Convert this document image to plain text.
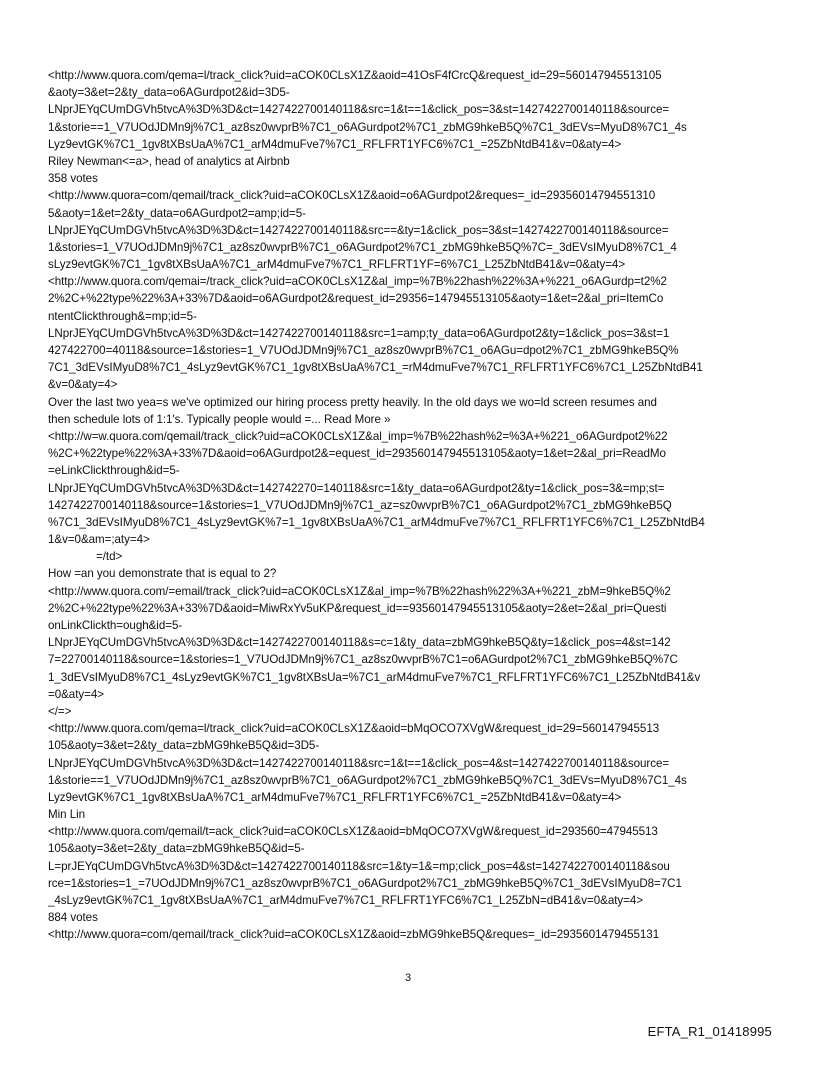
<http://www.quora.com/qema=l/track_click?uid=aCOK0CLsX1Z&aoid=41OsF4fCrcQ&request_id=29=560147945513105
&aoty=3&et=2&ty_data=o6AGurdpot2&id=3D5-
LNprJEYqCUmDGVh5tvcA%3D%3D&ct=1427422700140118&src=1&t==1&click_pos=3&st=1427422700140118&source=
1&storie==1_V7UOdJDMn9j%7C1_az8sz0wvprB%7C1_o6AGurdpot2%7C1_zbMG9hkeB5Q%7C1_3dEVs=MyuD8%7C1_4s
Lyz9evtGK%7C1_1gv8tXBsUaA%7C1_arM4dmuFve7%7C1_RFLFRT1YFC6%7C1_=25ZbNtdB41&v=0&aty=4>
Riley Newman<=a>, head of analytics at Airbnb
358 votes
<http://www.quora=com/qemail/track_click?uid=aCOK0CLsX1Z&aoid=o6AGurdpot2&reques=_id=29356014794551310
5&aoty=1&et=2&ty_data=o6AGurdpot2=amp;id=5-
LNprJEYqCUmDGVh5tvcA%3D%3D&ct=1427422700140118&src==&ty=1&click_pos=3&st=1427422700140118&source=
1&stories=1_V7UOdJDMn9j%7C1_az8sz0wvprB%7C1_o6AGurdpot2%7C1_zbMG9hkeB5Q%7C=_3dEVsIMyuD8%7C1_4
sLyz9evtGK%7C1_1gv8tXBsUaA%7C1_arM4dmuFve7%7C1_RFLFRT1YF=6%7C1_L25ZbNtdB41&v=0&aty=4>
<http://www.quora.com/qemai=/track_click?uid=aCOK0CLsX1Z&al_imp=%7B%22hash%22%3A+%221_o6AGurdp=t2%2
2%2C+%22type%22%3A+33%7D&aoid=o6AGurdpot2&request_id=29356=147945513105&aoty=1&et=2&al_pri=ItemCo
ntentClickthrough&=mp;id=5-
LNprJEYqCUmDGVh5tvcA%3D%3D&ct=1427422700140118&src=1=amp;ty_data=o6AGurdpot2&ty=1&click_pos=3&st=1
427422700=40118&source=1&stories=1_V7UOdJDMn9j%7C1_az8sz0wvprB%7C1_o6AGu=dpot2%7C1_zbMG9hkeB5Q%
7C1_3dEVsIMyuD8%7C1_4sLyz9evtGK%7C1_1gv8tXBsUaA%7C1_=rM4dmuFve7%7C1_RFLFRT1YFC6%7C1_L25ZbNtdB41
&v=0&aty=4>
Over the last two yea=s we've optimized our hiring process pretty heavily. In the old days we wo=ld screen resumes and
then schedule lots of 1:1's. Typically people would =... Read More »
<http://w=w.quora.com/qemail/track_click?uid=aCOK0CLsX1Z&al_imp=%7B%22hash%2=%3A+%221_o6AGurdpot2%22
%2C+%22type%22%3A+33%7D&aoid=o6AGurdpot2&=equest_id=293560147945513105&aoty=1&et=2&al_pri=ReadMo
=eLinkClickthrough&id=5-
LNprJEYqCUmDGVh5tvcA%3D%3D&ct=142742270=140118&src=1&ty_data=o6AGurdpot2&ty=1&click_pos=3&=mp;st=
1427422700140118&source=1&stories=1_V7UOdJDMn9j%7C1_az=sz0wvprB%7C1_o6AGurdpot2%7C1_zbMG9hkeB5Q
%7C1_3dEVsIMyuD8%7C1_4sLyz9evtGK%7=1_1gv8tXBsUaA%7C1_arM4dmuFve7%7C1_RFLFRT1YFC6%7C1_L25ZbNtdB4
1&v=0&am=;aty=4>
=/td>
How =an you demonstrate that is equal to 2?
<http://www.quora.com/=email/track_click?uid=aCOK0CLsX1Z&al_imp=%7B%22hash%22%3A+%221_zbM=9hkeB5Q%2
2%2C+%22type%22%3A+33%7D&aoid=MiwRxYv5uKP&request_id==93560147945513105&aoty=2&et=2&al_pri=Questi
onLinkClickth=ough&id=5-
LNprJEYqCUmDGVh5tvcA%3D%3D&ct=1427422700140118&s=c=1&ty_data=zbMG9hkeB5Q&ty=1&click_pos=4&st=142
7=22700140118&source=1&stories=1_V7UOdJDMn9j%7C1_az8sz0wvprB%7C1=o6AGurdpot2%7C1_zbMG9hkeB5Q%7C
1_3dEVsIMyuD8%7C1_4sLyz9evtGK%7C1_1gv8tXBsUa=%7C1_arM4dmuFve7%7C1_RFLFRT1YFC6%7C1_L25ZbNtdB41&v
=0&aty=4>
</=>
<http://www.quora.com/qema=l/track_click?uid=aCOK0CLsX1Z&aoid=bMqOCO7XVgW&request_id=29=560147945513
105&aoty=3&et=2&ty_data=zbMG9hkeB5Q&id=3D5-
LNprJEYqCUmDGVh5tvcA%3D%3D&ct=1427422700140118&src=1&t==1&click_pos=4&st=1427422700140118&source=
1&storie==1_V7UOdJDMn9j%7C1_az8sz0wvprB%7C1_o6AGurdpot2%7C1_zbMG9hkeB5Q%7C1_3dEVs=MyuD8%7C1_4s
Lyz9evtGK%7C1_1gv8tXBsUaA%7C1_arM4dmuFve7%7C1_RFLFRT1YFC6%7C1_=25ZbNtdB41&v=0&aty=4>
Min Lin
<http://www.quora.com/qemail/t=ack_click?uid=aCOK0CLsX1Z&aoid=bMqOCO7XVgW&request_id=293560=47945513
105&aoty=3&et=2&ty_data=zbMG9hkeB5Q&id=5-
L=prJEYqCUmDGVh5tvcA%3D%3D&ct=1427422700140118&src=1&ty=1&=mp;click_pos=4&st=1427422700140118&sou
rce=1&stories=1_=7UOdJDMn9j%7C1_az8sz0wvprB%7C1_o6AGurdpot2%7C1_zbMG9hkeB5Q%7C1_3dEVsIMyuD8=7C1
_4sLyz9evtGK%7C1_1gv8tXBsUaA%7C1_arM4dmuFve7%7C1_RFLFRT1YFC6%7C1_L25ZbN=dB41&v=0&aty=4>
884 votes
<http://www.quora=com/qemail/track_click?uid=aCOK0CLsX1Z&aoid=zbMG9hkeB5Q&reques=_id=2935601479455131
3
EFTA_R1_01418995
